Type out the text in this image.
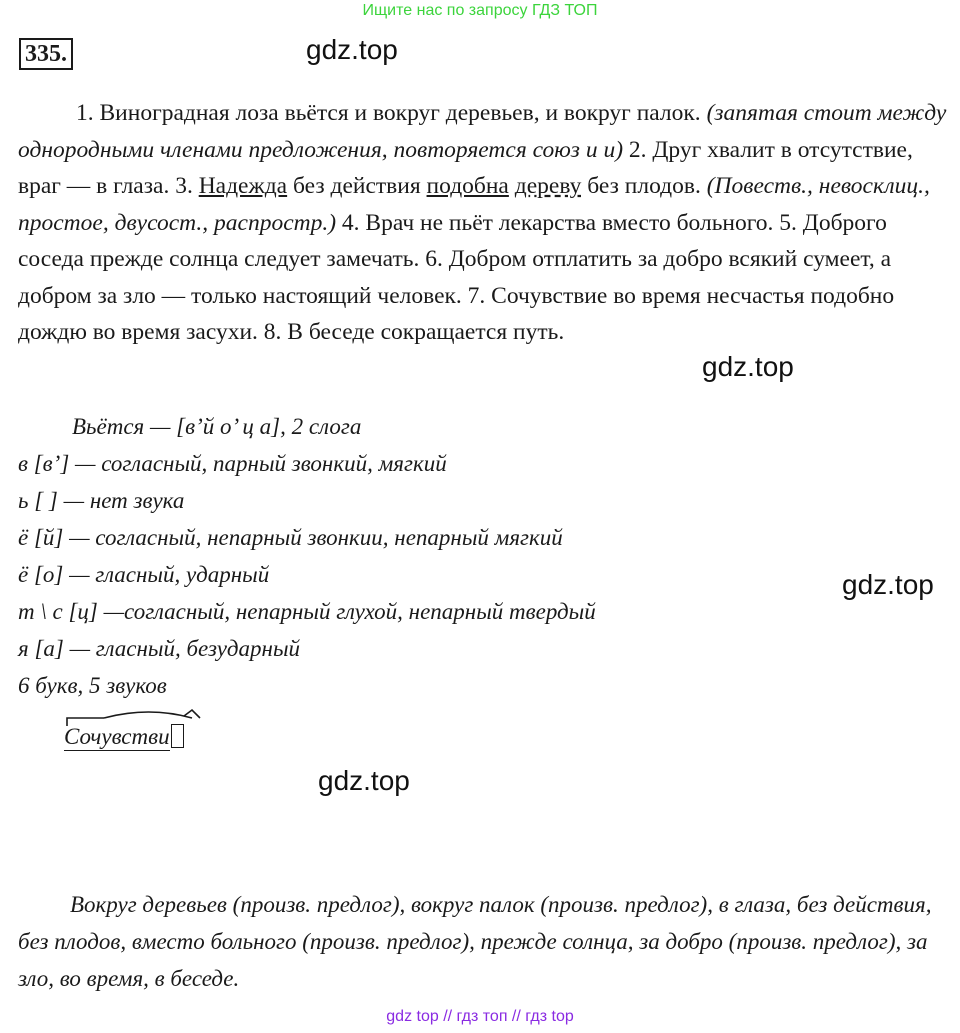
Ищите нас по запросу ГДЗ ТОП
335.	gdz.top
1. Виноградная лоза вьётся и вокруг деревьев, и вокруг палок. (запятая стоит между однородными членами предложения, повторяется союз и и) 2. Друг хвалит в отсутствие, враг — в глаза. 3. Надежда без действия подобна дереву без плодов. (Повеств., невосклиц., простое, двусост., распростр.) 4. Врач не пьёт лекарства вместо больного. 5. Доброго соседа прежде солнца следует замечать. 6. Добром отплатить за добро всякий сумеет, а добром за зло — только настоящий человек. 7. Сочувствие во время несчастья подобно дождю во время засухи. 8. В беседе сокращается путь.
gdz.top
Вьётся — [в’й о’ ц а], 2 слога
в [в’] — согласный, парный звонкий, мягкий
ь [ ] — нет звука
ё [й] — согласный, непарный звонкии, непарный мягкий
ё [о] — гласный, ударный
т \ с [ц] —согласный, непарный глухой, непарный твердый
я [а] — гласный, безударный
6 букв, 5 звуков
gdz.top
Сочувстви
gdz.top
Вокруг деревьев (произв. предлог), вокруг палок (произв. предлог), в глаза, без действия, без плодов, вместо больного (произв. предлог), прежде солнца, за добро (произв. предлог), за зло, во время, в беседе.
gdz top // гдз топ // гдз top
